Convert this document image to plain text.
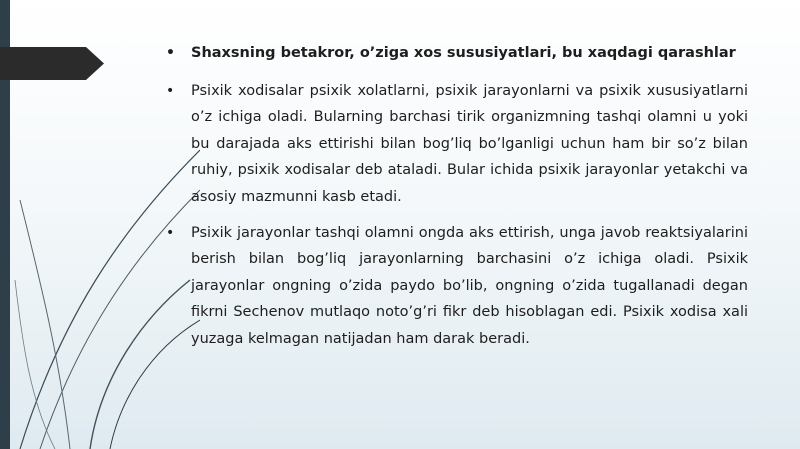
• Shaxsning betakror, o’ziga xos sususiyatlari, bu xaqdagi qarashlar
• Psixik xodisalar psixik xolatlarni, psixik jarayonlarni va psixik xususiyatlarni o’z ichiga oladi. Bularning barchasi tirik organizmning tashqi olamni u yoki bu darajada aks ettirishi bilan bog’liq bo’lganligi uchun ham bir so’z bilan ruhiy, psixik xodisalar deb ataladi. Bular ichida psixik jarayonlar yetakchi va asosiy mazmunni kasb etadi.
• Psixik jarayonlar tashqi olamni ongda aks ettirish, unga javob reaktsiyalarini berish bilan bog’liq jarayonlarning barchasini o’z ichiga oladi. Psixik jarayonlar ongning o’zida paydo bo’lib, ongning o’zida tugallanadi degan fikrni Sechenov mutlaqo noto’g’ri fikr deb hisoblagan edi. Psixik xodisa xali yuzaga kelmagan natijadan ham darak beradi.
